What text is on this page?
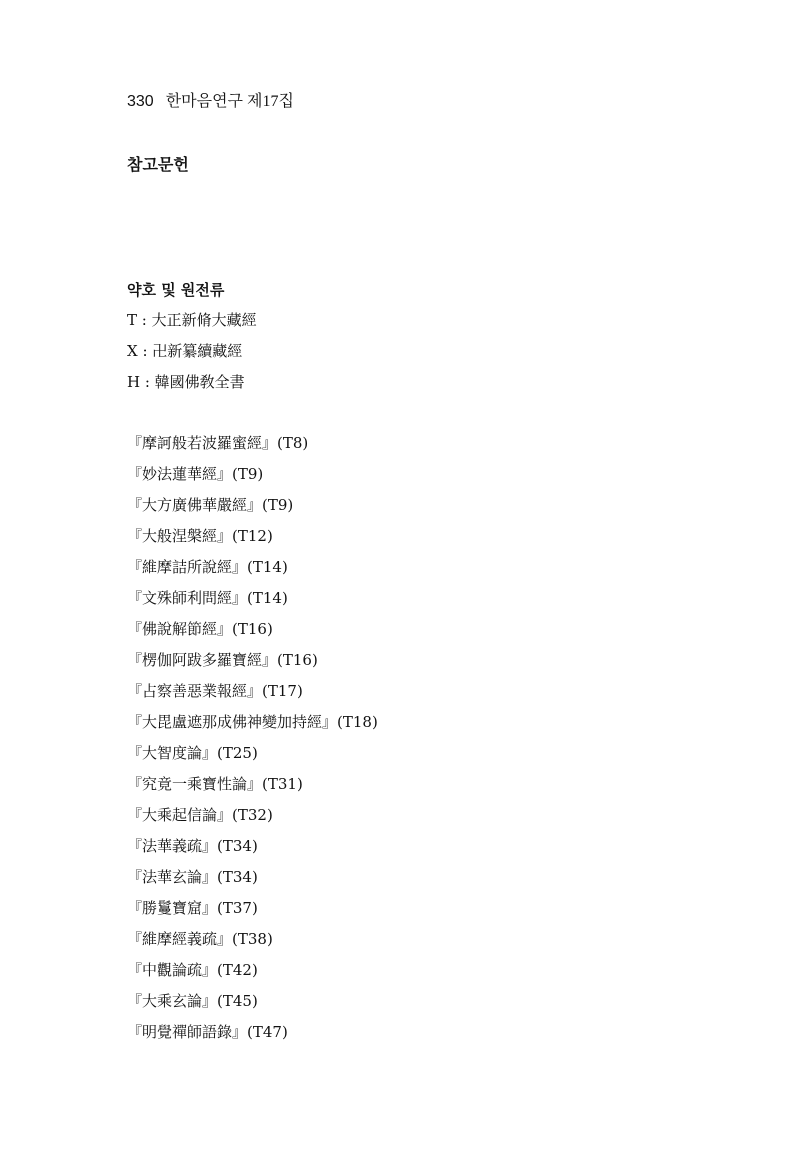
330 한마음연구 제17집
참고문헌
약호 및 원전류
T : 大正新脩大藏經
X : 卍新纂續藏經
H : 韓國佛敎全書
『摩訶般若波羅蜜經』(T8)
『妙法蓮華經』(T9)
『大方廣佛華嚴經』(T9)
『大般涅槃經』(T12)
『維摩詰所說經』(T14)
『文殊師利問經』(T14)
『佛說解節經』(T16)
『楞伽阿跋多羅寶經』(T16)
『占察善惡業報經』(T17)
『大毘盧遮那成佛神變加持經』(T18)
『大智度論』(T25)
『究竟一乘寶性論』(T31)
『大乘起信論』(T32)
『法華義疏』(T34)
『法華玄論』(T34)
『勝鬘寶窟』(T37)
『維摩經義疏』(T38)
『中觀論疏』(T42)
『大乘玄論』(T45)
『明覺禪師語錄』(T47)
